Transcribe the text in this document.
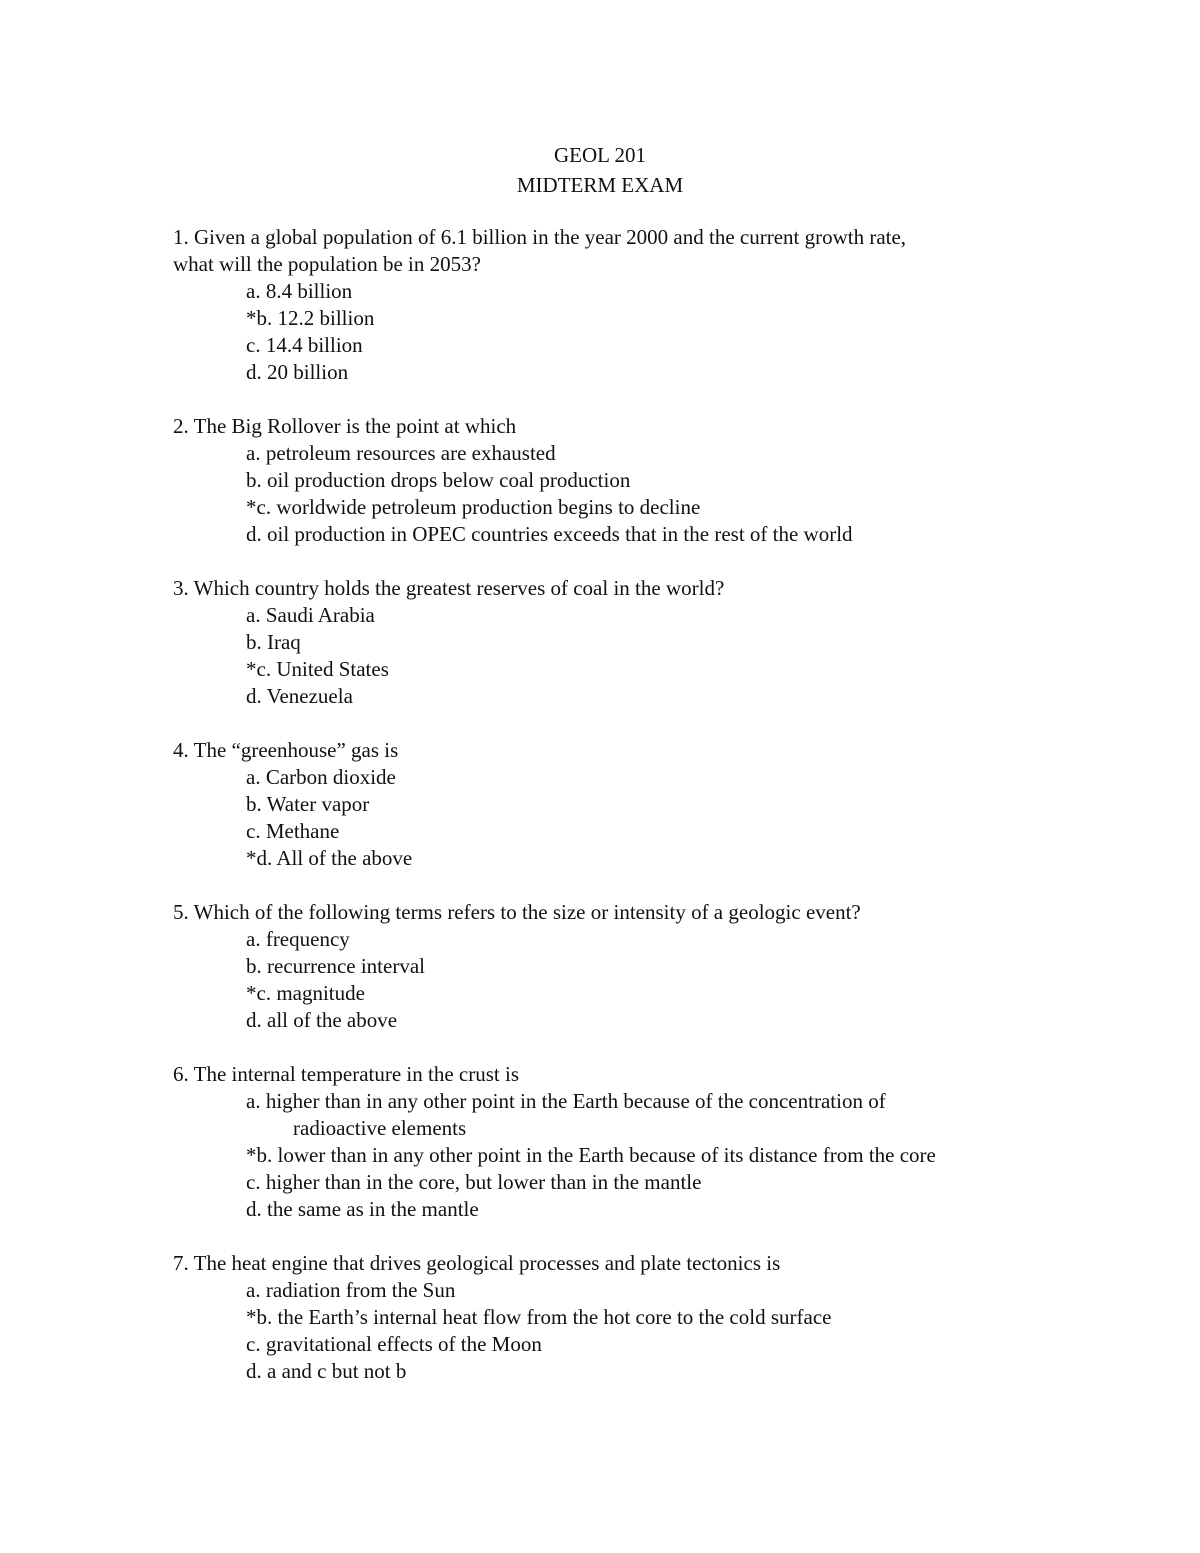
GEOL 201
MIDTERM EXAM

1. Given a global population of 6.1 billion in the year 2000 and the current growth rate,

what will the population be in 2053?

a. 8.4 billion
*b. 12.2 billion
c. 14.4 billion
d. 20 billion

2. The Big Rollover is the point at which

a. petroleum resources are exhausted
b. oil production drops below coal production
*c. worldwide petroleum production begins to decline
d. oil production in OPEC countries exceeds that in the rest of the world

3. Which country holds the greatest reserves of coal in the world?

a. Saudi Arabia
b. Iraq
*c. United States
d. Venezuela

4. The “greenhouse” gas is

a. Carbon dioxide
b. Water vapor
c. Methane
*d. All of the above

5. Which of the following terms refers to the size or intensity of a geologic event?

a. frequency
b. recurrence interval
*c. magnitude
d. all of the above

6. The internal temperature in the crust is

a. higher than in any other point in the Earth because of the concentration of
radioactive elements
*b. lower than in any other point in the Earth because of its distance from the core
c. higher than in the core, but lower than in the mantle
d. the same as in the mantle

7. The heat engine that drives geological processes and plate tectonics is

a. radiation from the Sun
*b. the Earth’s internal heat flow from the hot core to the cold surface
c. gravitational effects of the Moon
d. a and c but not b
